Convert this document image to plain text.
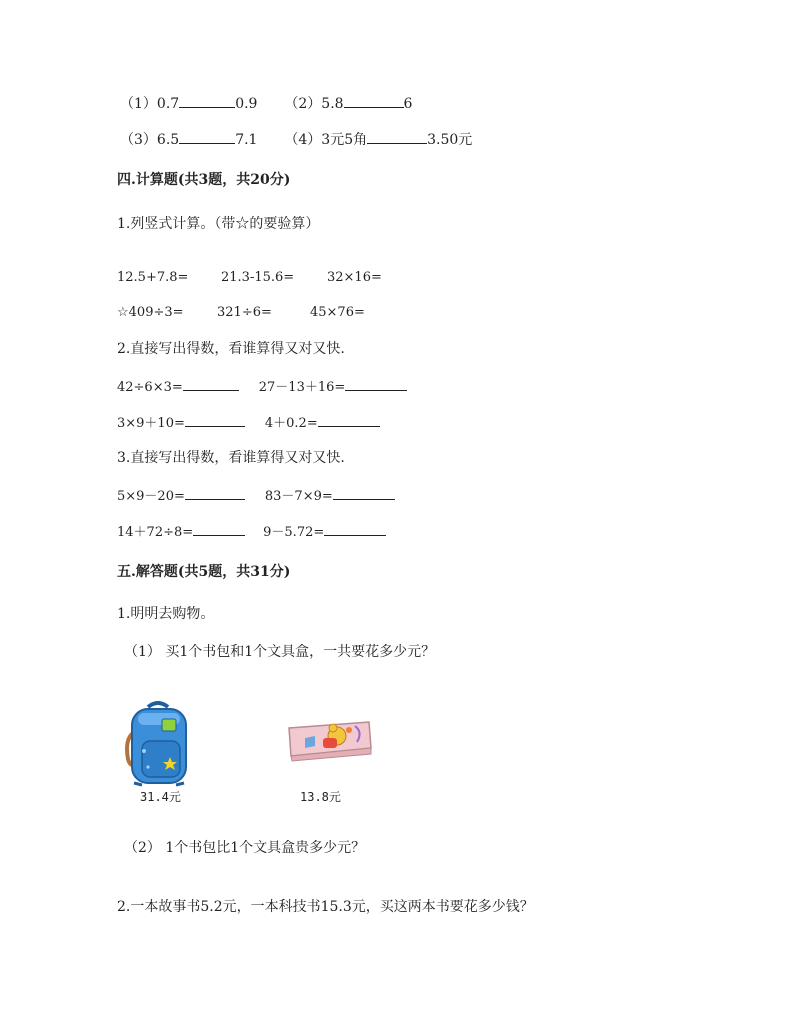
（1）0.7	0.9 （2）5.8	6
（3）6.5	7.1 （4）3元5角	3.50元
四.计算题(共3题，共20分)
1.列竖式计算。（带☆的要验算）
12.5+7.8=	21.3-15.6=	32×16=
☆409÷3=	321÷6=	45×76=
2.直接写出得数，看谁算得又对又快.
42÷6×3=	27－13＋16=
3×9＋10=	4＋0.2=
3.直接写出得数，看谁算得又对又快.
5×9－20=	83－7×9=
14＋72÷8=	9－5.72=
五.解答题(共5题，共31分)
1.明明去购物。
（1） 买1个书包和1个文具盒，一共要花多少元？
31.4元	13.8元
（2） 1个书包比1个文具盒贵多少元？
2.一本故事书5.2元，一本科技书15.3元，买这两本书要花多少钱？
